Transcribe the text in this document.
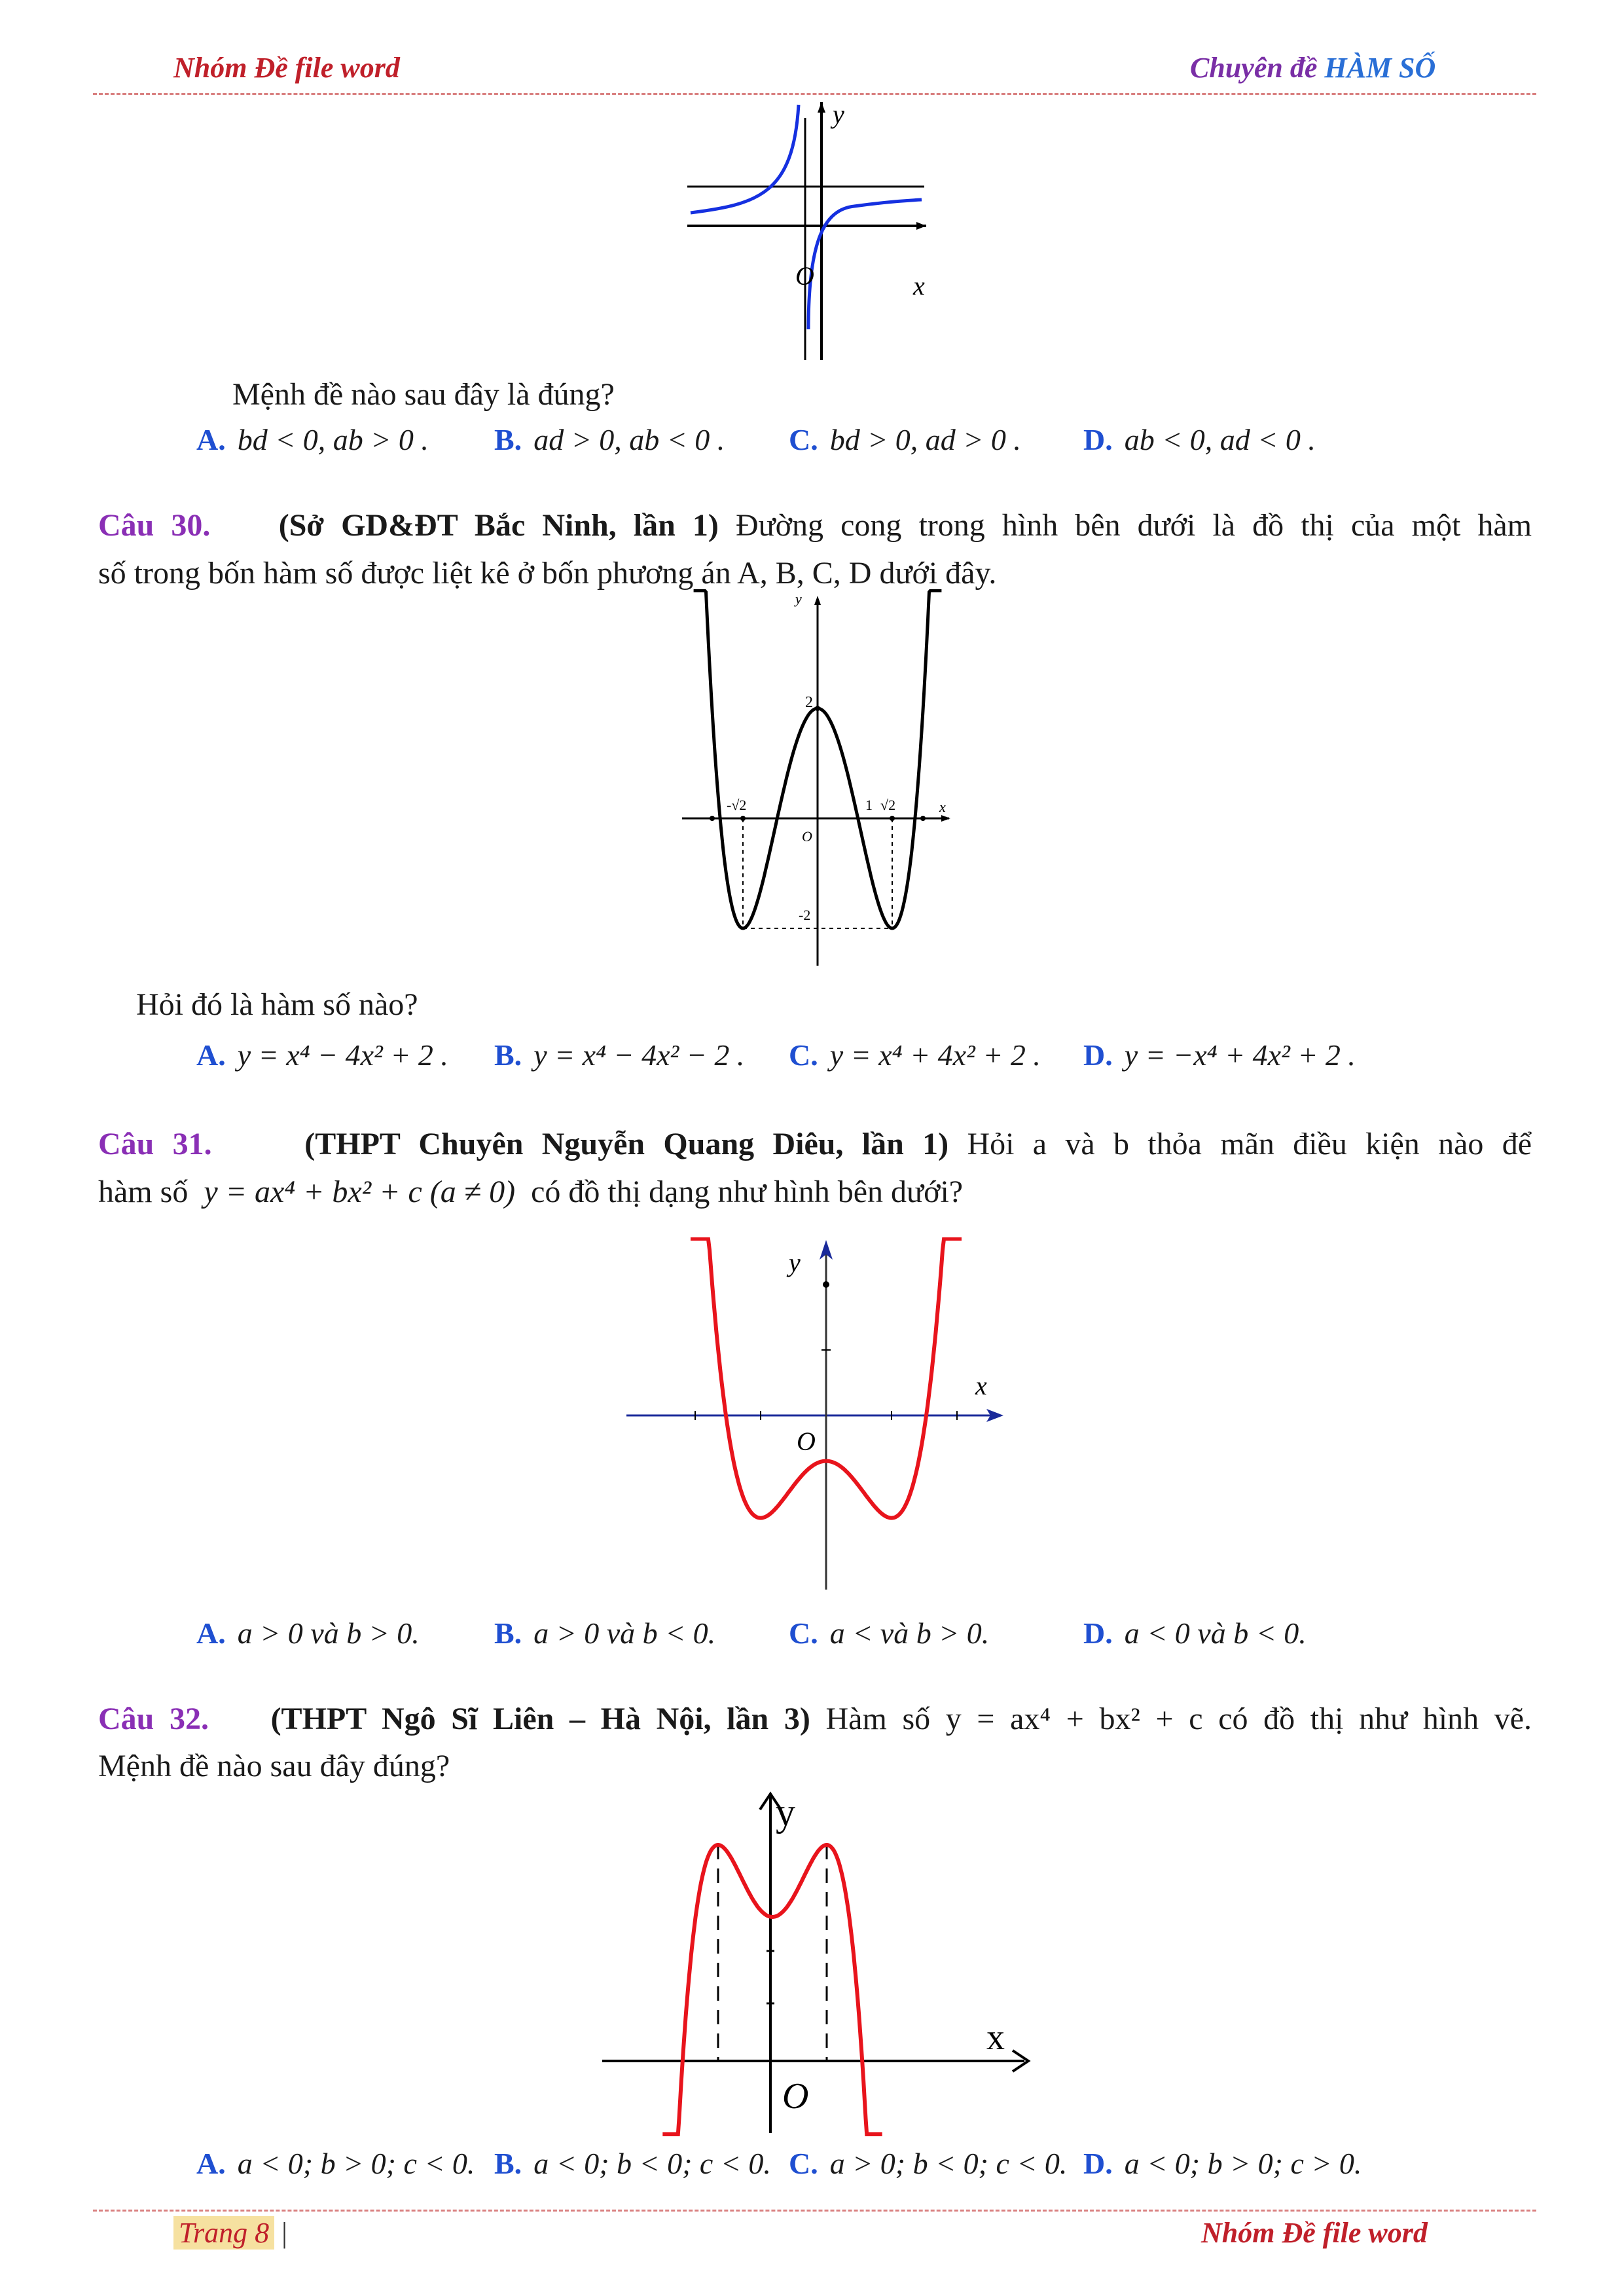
Nhóm Đề file word	Chuyên đề HÀM SỐ
y
O	x
Mệnh đề nào sau đây là đúng?
A. bd < 0, ab > 0 . B. ad > 0, ab < 0 . C. bd > 0, ad > 0 . D. ab < 0, ad < 0 .
Câu 30. (Sở GD&ĐT Bắc Ninh, lần 1) Đường cong trong hình bên dưới là đồ thị của một hàm
số trong bốn hàm số được liệt kê ở bốn phương án A, B, C, D dưới đây.
y
x
2
O
-2
-√2	1 √2
Hỏi đó là hàm số nào?
A. y = x⁴ − 4x² + 2 . B. y = x⁴ − 4x² − 2 . C. y = x⁴ + 4x² + 2 . D. y = −x⁴ + 4x² + 2 .
Câu 31.	(THPT Chuyên Nguyễn Quang Diêu, lần 1) Hỏi a và b thỏa mãn điều kiện nào để
hàm số y = ax⁴ + bx² + c (a ≠ 0) có đồ thị dạng như hình bên dưới?
y
x
O
A. a > 0 và b > 0. B. a > 0 và b < 0. C. a < và b > 0.	D. a < 0 và b < 0.
Câu 32. (THPT Ngô Sĩ Liên – Hà Nội, lần 3) Hàm số y = ax⁴ + bx² + c có đồ thị như hình vẽ.
Mệnh đề nào sau đây đúng?
y
x
O
A. a < 0; b > 0; c < 0. B. a < 0; b < 0; c < 0. C. a > 0; b < 0; c < 0. D. a < 0; b > 0; c > 0.
Trang 8 |	Nhóm Đề file word
